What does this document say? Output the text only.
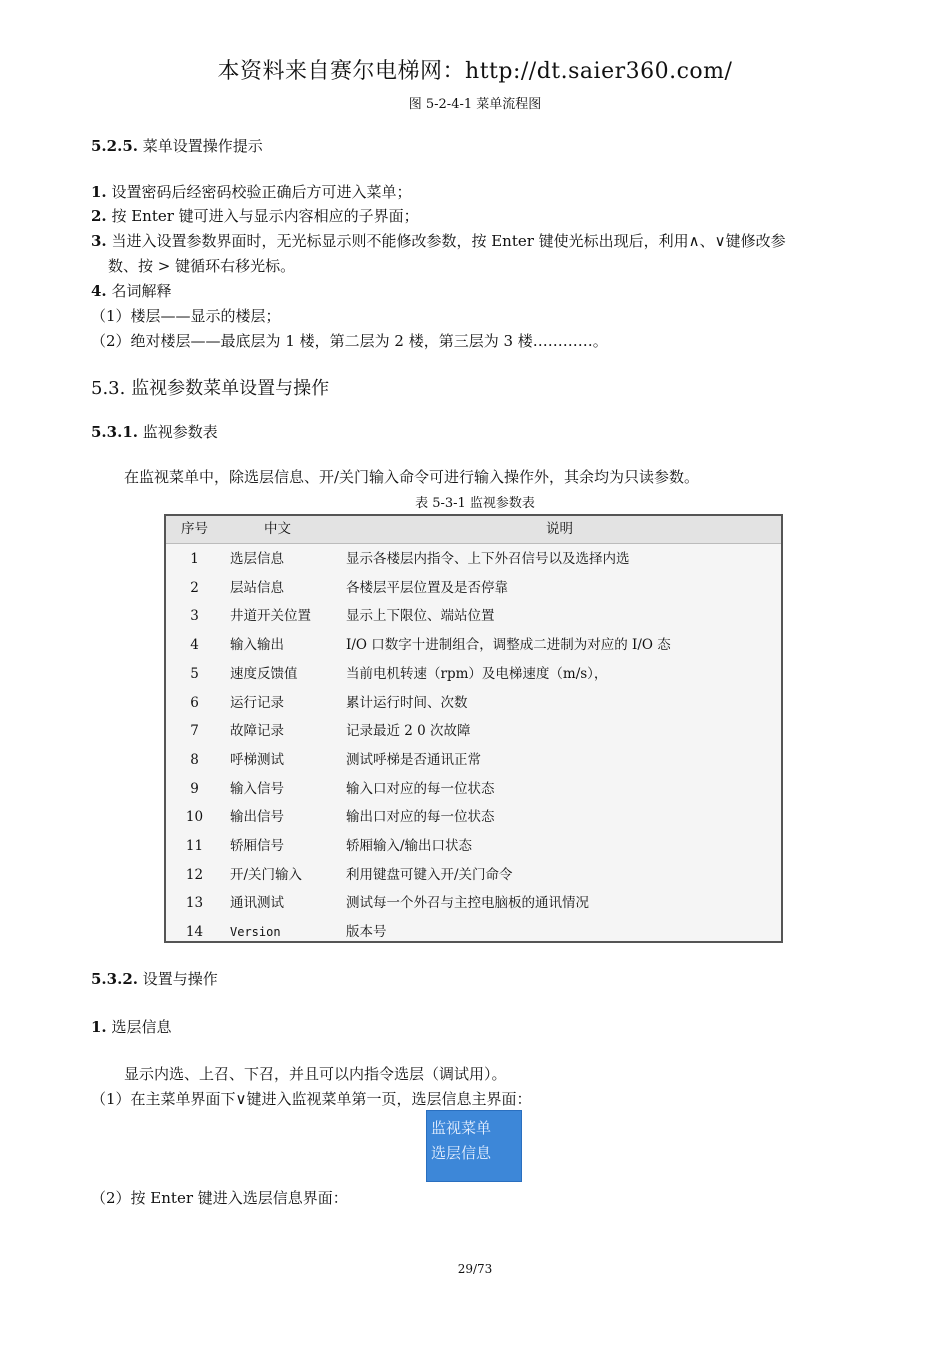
本资料来自赛尔电梯网：http://dt.saier360.com/
图 5-2-4-1 菜单流程图
5.2.5. 菜单设置操作提示
1. 设置密码后经密码校验正确后方可进入菜单；
2. 按 Enter 键可进入与显示内容相应的子界面；
3. 当进入设置参数界面时，无光标显示则不能修改参数，按 Enter 键使光标出现后，利用∧、∨键修改参
数、按 > 键循环右移光标。
4. 名词解释
（1）楼层——显示的楼层；
（2）绝对楼层——最底层为 1 楼，第二层为 2 楼，第三层为 3 楼…………。
5.3. 监视参数菜单设置与操作
5.3.1. 监视参数表
在监视菜单中，除选层信息、开/关门输入命令可进行输入操作外，其余均为只读参数。
表 5-3-1 监视参数表
序号	中文	说明
1	选层信息	显示各楼层内指令、上下外召信号以及选择内选
2	层站信息	各楼层平层位置及是否停靠
3	井道开关位置	显示上下限位、端站位置
4	输入输出	I/O 口数字十进制组合，调整成二进制为对应的 I/O 态
5	速度反馈值	当前电机转速（rpm）及电梯速度（m/s），
6	运行记录	累计运行时间、次数
7	故障记录	记录最近 2 0 次故障
8	呼梯测试	测试呼梯是否通讯正常
9	输入信号	输入口对应的每一位状态
10	输出信号	输出口对应的每一位状态
11	轿厢信号	轿厢输入/输出口状态
12	开/关门输入	利用键盘可键入开/关门命令
13	通讯测试	测试每一个外召与主控电脑板的通讯情况
14	Version	版本号
5.3.2. 设置与操作
1. 选层信息
显示内选、上召、下召，并且可以内指令选层（调试用）。
（1）在主菜单界面下∨键进入监视菜单第一页，选层信息主界面：
监视菜单
选层信息
（2）按 Enter 键进入选层信息界面：
29/73
